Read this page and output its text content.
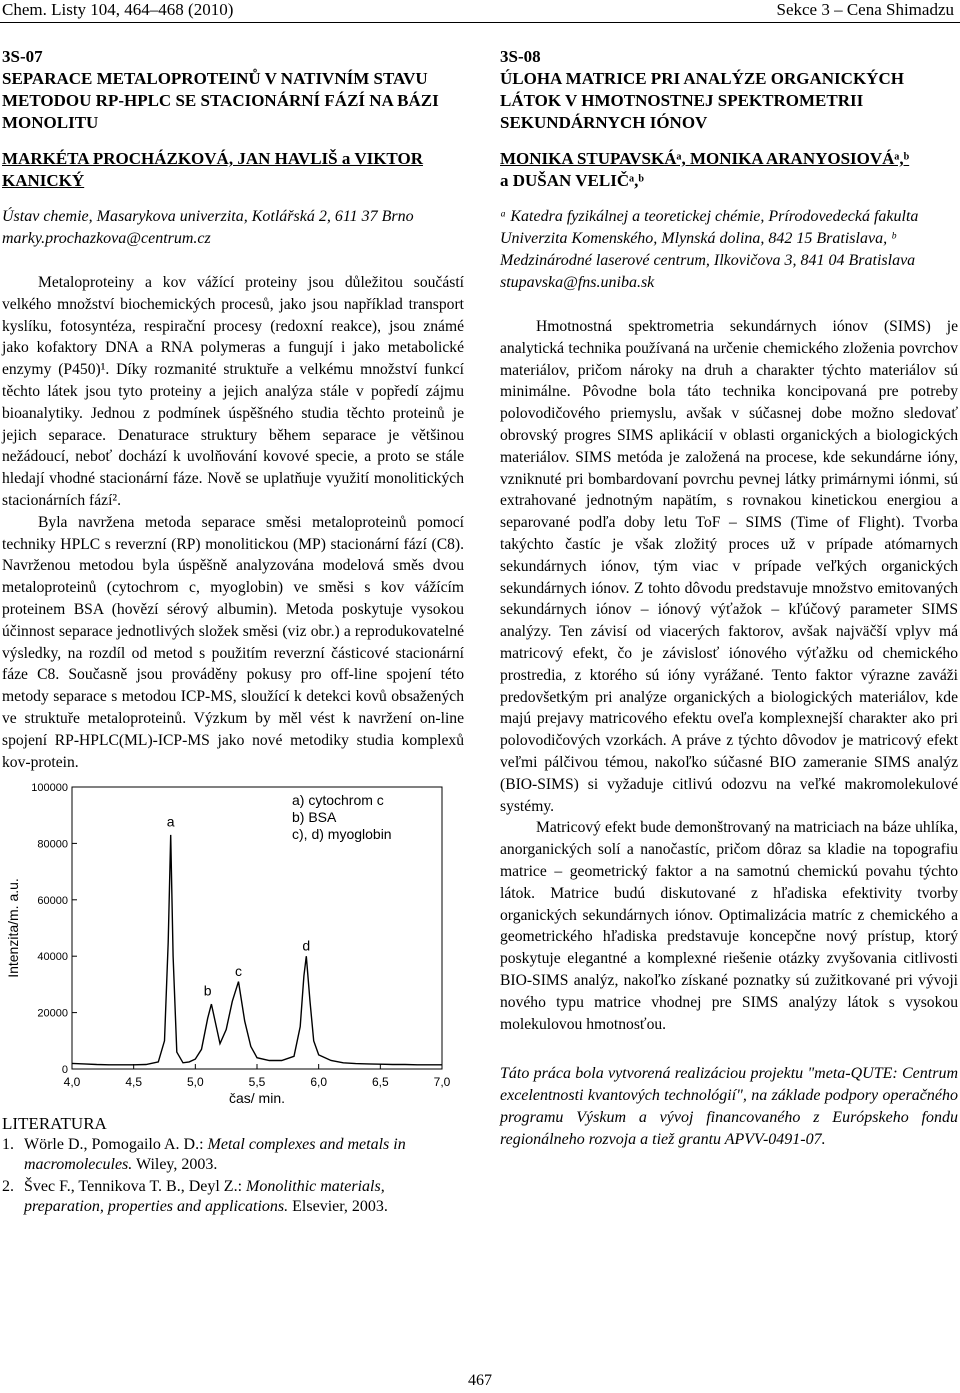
Chem. Listy 104, 464–468 (2010)	Sekce 3 – Cena Shimadzu
3S-07
SEPARACE METALOPROTEINŮ V NATIVNÍM STAVU METODOU RP-HPLC SE STACIONÁRNÍ FÁZÍ NA BÁZI MONOLITU
MARKÉTA PROCHÁZKOVÁ, JAN HAVLIŠ a VIKTOR KANICKÝ
Ústav chemie, Masarykova univerzita, Kotlářská 2, 611 37 Brno
marky.prochazkova@centrum.cz

Metaloproteiny a kov vážící proteiny jsou důležitou součástí velkého množství biochemických procesů, jako jsou například transport kyslíku, fotosyntéza, respirační procesy (redoxní reakce), jsou známé jako kofaktory DNA a RNA polymeras a fungují i jako metabolické enzymy (P450)¹. Díky rozmanité struktuře a velkému množství funkcí těchto látek jsou tyto proteiny a jejich analýza stále v popředí zájmu bioanalytiky. Jednou z podmínek úspěšného studia těchto proteinů je jejich separace. Denaturace struktury během separace je většinou nežádoucí, neboť dochází k uvolňování kovové specie, a proto se stále hledají vhodné stacionární fáze. Nově se uplatňuje využití monolitických stacionárních fází².

Byla navržena metoda separace směsi metaloproteinů pomocí techniky HPLC s reverzní (RP) monolitickou (MP) stacionární fází (C8). Navrženou metodou byla úspěšně analyzována modelová směs dvou metaloproteinů (cytochrom c, myoglobin) ve směsi s kov vážícím proteinem BSA (hovězí sérový albumin). Metoda poskytuje vysokou účinnost separace jednotlivých složek směsi (viz obr.) a reprodukovatelné výsledky, na rozdíl od metod s použitím reverzní částicové stacionární fáze C8. Současně jsou prováděny pokusy pro off-line spojení této metody separace s metodou ICP-MS, sloužící k detekci kovů obsažených ve struktuře metaloproteinů. Výzkum by měl vést k navržení on-line spojení RP-HPLC(ML)-ICP-MS jako nové metodiky studia komplexů kov-protein.

4,0	4,5	5,0	5,5	6,0	6,5	7,0
0
20000
40000
60000
80000
100000
a
b
c
d
a) cytochrom c
b) BSA
c), d) myoglobin
Intenzita/m. a.u.
čas/ min.
LITERATURA
1. Wörle D., Pomogailo A. D.: Metal complexes and metals in macromolecules. Wiley, 2003.
2. Švec F., Tennikova T. B., Deyl Z.: Monolithic materials, preparation, properties and applications. Elsevier, 2003.
3S-08
ÚLOHA MATRICE PRI ANALÝZE ORGANICKÝCH LÁTOK V HMOTNOSTNEJ SPEKTROMETRII SEKUNDÁRNYCH IÓNOV
MONIKA STUPAVSKÁᵃ, MONIKA ARANYOSIOVÁᵃ,ᵇ
a DUŠAN VELIČᵃ,ᵇ
ᵃ Katedra fyzikálnej a teoretickej chémie, Prírodovedecká fakulta Univerzita Komenského, Mlynská dolina, 842 15 Bratislava, ᵇ Medzinárodné laserové centrum, Ilkovičova 3, 841 04 Bratislava
stupavska@fns.uniba.sk

Hmotnostná spektrometria sekundárnych iónov (SIMS) je analytická technika používaná na určenie chemického zloženia povrchov materiálov, pričom nároky na druh a charakter týchto materiálov sú minimálne. Pôvodne bola táto technika koncipovaná pre potreby polovodičového priemyslu, avšak v súčasnej dobe možno sledovať obrovský progres SIMS aplikácií v oblasti organických a biologických materiálov. SIMS metóda je založená na procese, kde sekundárne ióny, vzniknuté pri bombardovaní povrchu pevnej látky primárnymi iónmi, sú extrahované jednotným napätím, s rovnakou kinetickou energiou a separované podľa doby letu ToF – SIMS (Time of Flight). Tvorba takýchto častíc je však zložitý proces už v prípade atómarnych sekundárnych iónov, tým viac v prípade veľkých organických sekundárnych iónov. Z tohto dôvodu predstavuje množstvo emitovaných sekundárnych iónov – iónový výťažok – kľúčový parameter SIMS analýzy. Ten závisí od viacerých faktorov, avšak najväčší vplyv má matricový efekt, čo je závislosť iónového výťažku od chemického prostredia, z ktorého sú ióny vyrážané. Tento faktor výrazne zaváži predovšetkým pri analýze organických a biologických materiálov, kde majú prejavy matricového efektu oveľa komplexnejší charakter ako pri polovodičových vzorkách. A práve z týchto dôvodov je matricový efekt veľmi pálčivou témou, nakoľko súčasné BIO zameranie SIMS analýz (BIO-SIMS) si vyžaduje citlivú odozvu na veľké makromolekulové systémy.

Matricový efekt bude demonštrovaný na matriciach na báze uhlíka, anorganických solí a nanočastíc, pričom dôraz sa kladie na topografiu matrice – geometrický faktor a na samotnú chemickú povahu týchto látok. Matrice budú diskutované z hľadiska efektivity tvorby organických sekundárnych iónov. Optimalizácia matríc z chemického a geometrického hľadiska predstavuje koncepčne nový prístup, ktorý poskytuje elegantné a komplexné riešenie otázky zvyšovania citlivosti BIO-SIMS analýz, nakoľko získané poznatky sú zužitkované pri vývoji nového typu matrice vhodnej pre SIMS analýzy látok s vysokou molekulovou hmotnosťou.

Táto práca bola vytvorená realizáciou projektu "meta-QUTE: Centrum excelentnosti kvantových technológií", na základe podpory operačného programu Výskum a vývoj financovaného z Európskeho fondu regionálneho rozvoja a tiež grantu APVV-0491-07.
467
